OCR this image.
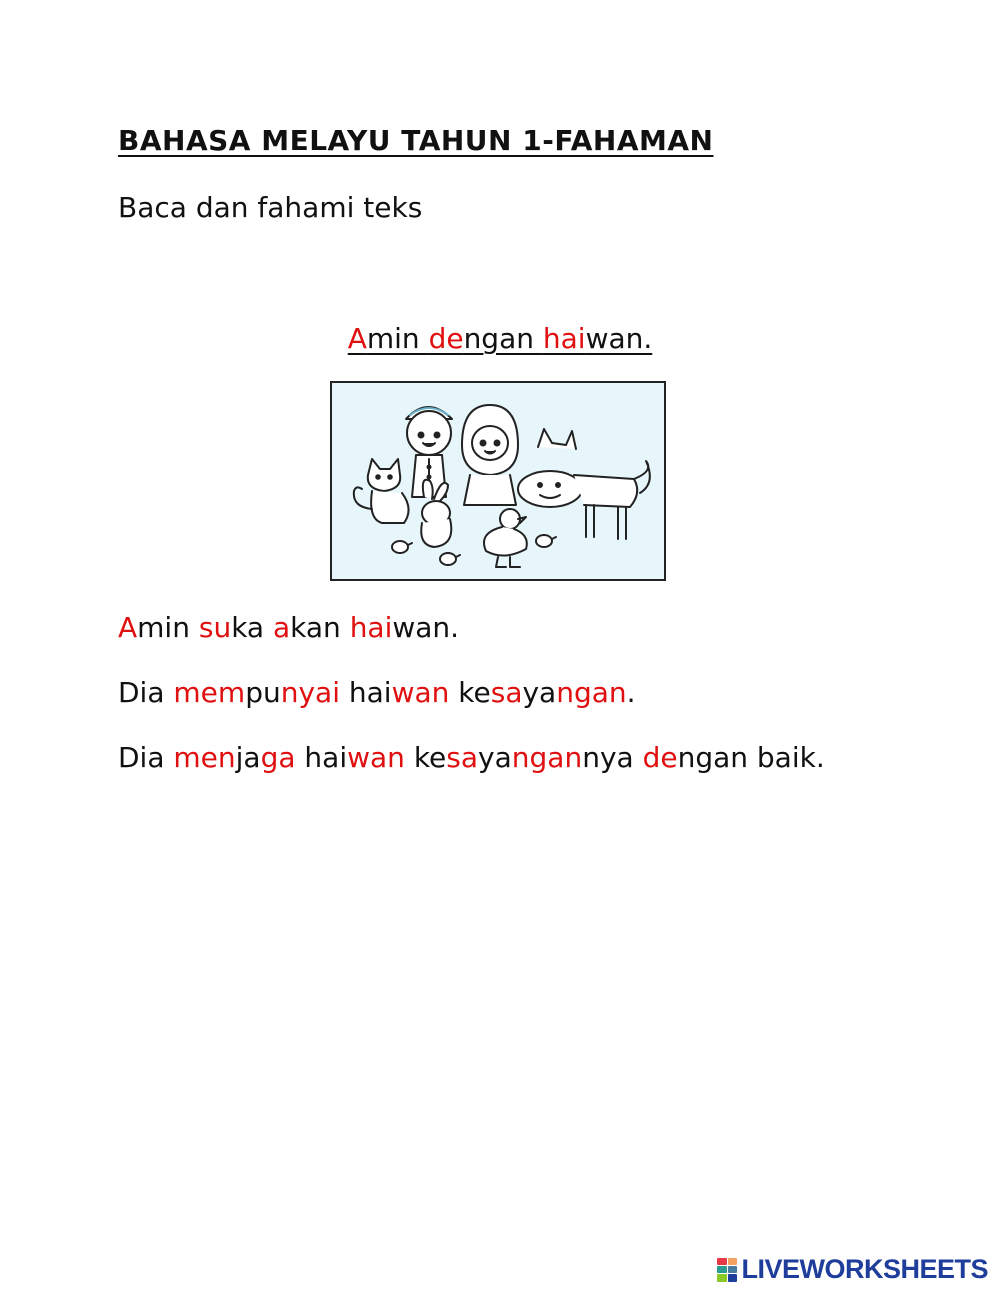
BAHASA MELAYU TAHUN 1-FAHAMAN

Baca dan fahami teks

Amin dengan haiwan.

Amin suka akan haiwan.

Dia mempunyai haiwan kesayangan.

Dia menjaga haiwan kesayangannya dengan baik.

LIVEWORKSHEETS
